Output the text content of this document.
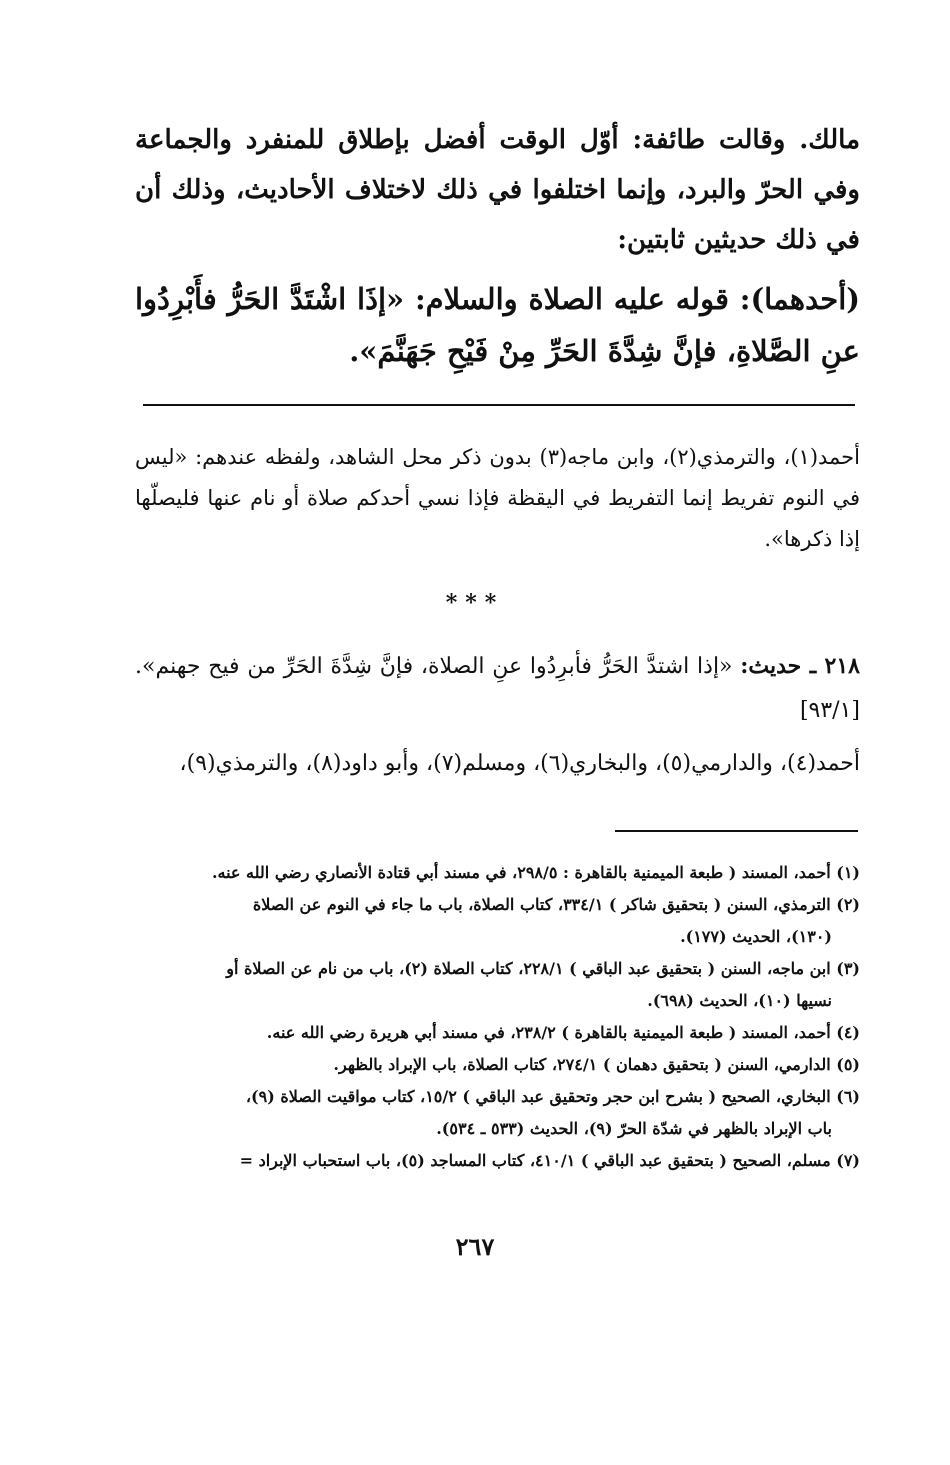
مالك. وقالت طائفة: أوّل الوقت أفضل بإطلاق للمنفرد والجماعة وفي الحرّ والبرد، وإنما اختلفوا في ذلك لاختلاف الأحاديث، وذلك أن في ذلك حديثين ثابتين:

(أحدهما): قوله عليه الصلاة والسلام: «إذَا اشْتَدَّ الحَرُّ فأَبْرِدُوا عنِ الصَّلاةِ، فإنَّ شِدَّةَ الحَرِّ مِنْ فَيْحِ جَهَنَّمَ».

أحمد(١)، والترمذي(٢)، وابن ماجه(٣) بدون ذكر محل الشاهد، ولفظه عندهم: «ليس في النوم تفريط إنما التفريط في اليقظة فإذا نسي أحدكم صلاة أو نام عنها فليصلّها إذا ذكرها».

***

٢١٨ ـ حديث: «إذا اشتدَّ الحَرُّ فأبرِدُوا عنِ الصلاة، فإنَّ شِدَّةَ الحَرِّ من فيح جهنم». [٩٣/١]

أحمد(٤)، والدارمي(٥)، والبخاري(٦)، ومسلم(٧)، وأبو داود(٨)، والترمذي(٩)،

(١) أحمد، المسند ( طبعة الميمنية بالقاهرة : ٢٩٨/٥، في مسند أبي قتادة الأنصاري رضي الله عنه.
(٢) الترمذي، السنن ( بتحقيق شاكر ) ٣٣٤/١، كتاب الصلاة، باب ما جاء في النوم عن الصلاة
(١٣٠)، الحديث (١٧٧).
(٣) ابن ماجه، السنن ( بتحقيق عبد الباقي ) ٢٢٨/١، كتاب الصلاة (٢)، باب من نام عن الصلاة أو
نسيها (١٠)، الحديث (٦٩٨).
(٤) أحمد، المسند ( طبعة الميمنية بالقاهرة ) ٢٣٨/٢، في مسند أبي هريرة رضي الله عنه.
(٥) الدارمي، السنن ( بتحقيق دهمان ) ٢٧٤/١، كتاب الصلاة، باب الإبراد بالظهر.
(٦) البخاري، الصحيح ( بشرح ابن حجر وتحقيق عبد الباقي ) ١٥/٢، كتاب مواقيت الصلاة (٩)،
باب الإبراد بالظهر في شدّة الحرّ (٩)، الحديث (٥٣٣ ـ ٥٣٤).
(٧) مسلم، الصحيح ( بتحقيق عبد الباقي ) ٤١٠/١، كتاب المساجد (٥)، باب استحباب الإبراد =
٢٦٧
